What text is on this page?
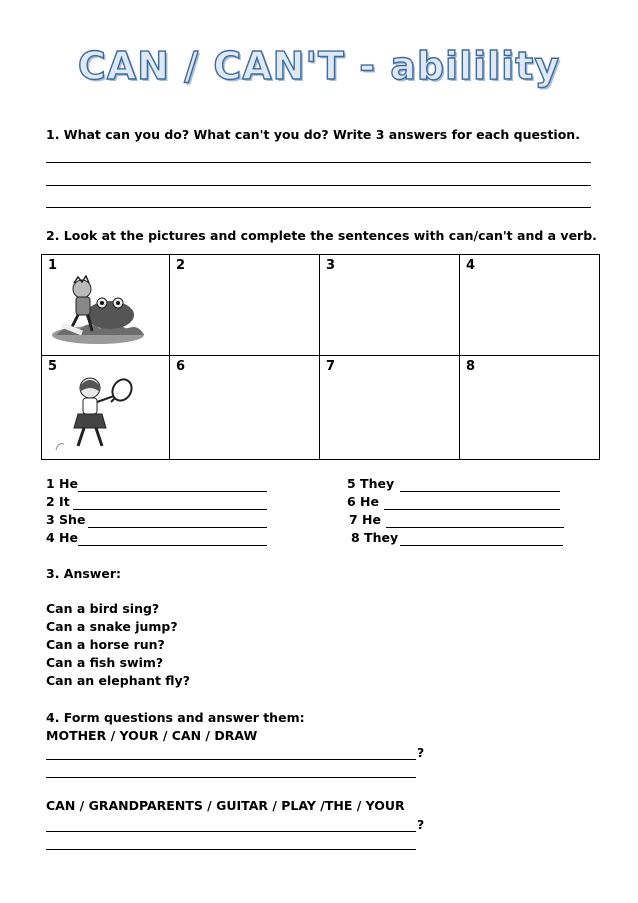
CAN / CAN'T - abilility
1. What can you do? What can't you do? Write 3 answers for each question.
2. Look at the pictures and complete the sentences with can/can't and a verb.
1	2	3	4
5	6	7	8
1 He
2 It
3 She
4 He
5 They
6 He
7 He
8 They
3. Answer:
Can a bird sing?
Can a snake jump?
Can a horse run?
Can a fish swim?
Can an elephant fly?
4. Form questions and answer them:
MOTHER / YOUR / CAN / DRAW
?
CAN / GRANDPARENTS / GUITAR / PLAY /THE / YOUR
?
